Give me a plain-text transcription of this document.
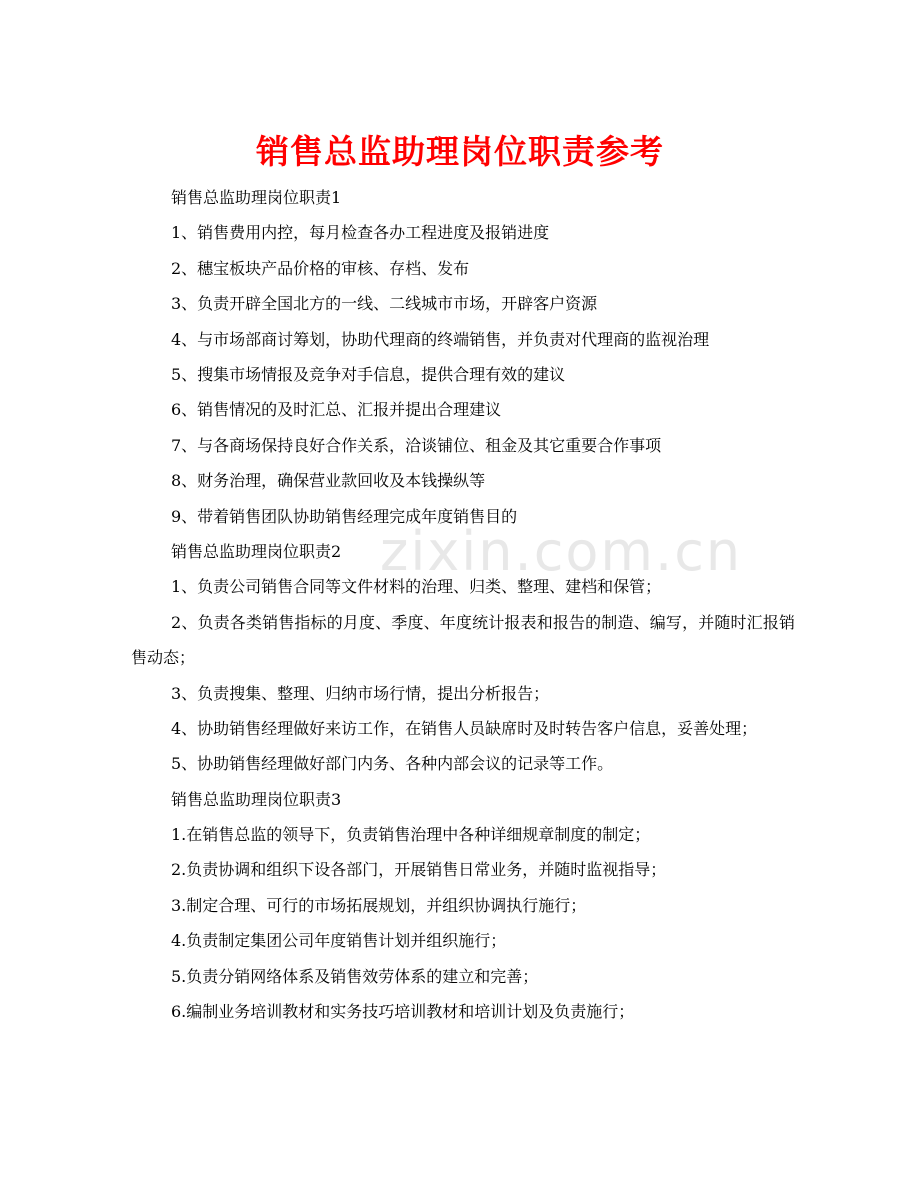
zixin.com.cn
销售总监助理岗位职责参考
销售总监助理岗位职责1
1、销售费用内控，每月检查各办工程进度及报销进度
2、穗宝板块产品价格的审核、存档、发布
3、负责开辟全国北方的一线、二线城市市场，开辟客户资源
4、与市场部商讨筹划，协助代理商的终端销售，并负责对代理商的监视治理
5、搜集市场情报及竞争对手信息，提供合理有效的建议
6、销售情况的及时汇总、汇报并提出合理建议
7、与各商场保持良好合作关系，洽谈铺位、租金及其它重要合作事项
8、财务治理，确保营业款回收及本钱操纵等
9、带着销售团队协助销售经理完成年度销售目的
销售总监助理岗位职责2
1、负责公司销售合同等文件材料的治理、归类、整理、建档和保管；
2、负责各类销售指标的月度、季度、年度统计报表和报告的制造、编写，并随时汇报销售动态；
3、负责搜集、整理、归纳市场行情，提出分析报告；
4、协助销售经理做好来访工作，在销售人员缺席时及时转告客户信息，妥善处理；
5、协助销售经理做好部门内务、各种内部会议的记录等工作。
销售总监助理岗位职责3
1.在销售总监的领导下，负责销售治理中各种详细规章制度的制定；
2.负责协调和组织下设各部门，开展销售日常业务，并随时监视指导；
3.制定合理、可行的市场拓展规划，并组织协调执行施行；
4.负责制定集团公司年度销售计划并组织施行；
5.负责分销网络体系及销售效劳体系的建立和完善；
6.编制业务培训教材和实务技巧培训教材和培训计划及负责施行；
